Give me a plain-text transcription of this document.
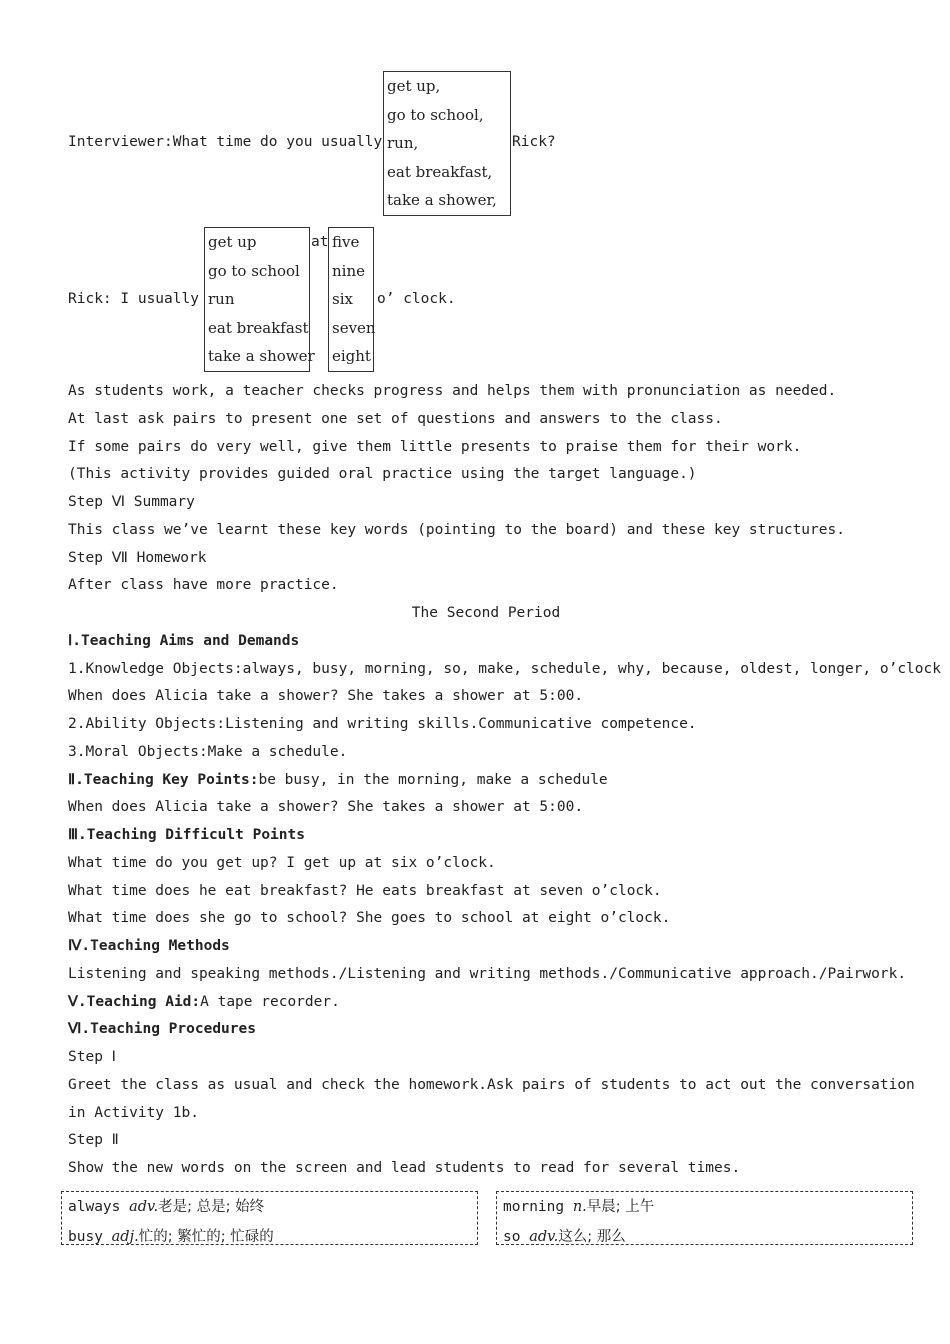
Interviewer:What time do you usually
get up,
go to school,
run,
eat breakfast,
take a shower,
Rick?
Rick: I usually
get up
go to school
run
eat breakfast
take a shower
at five
nine
six
seven
eight
o’ clock.
As students work, a teacher checks progress and helps them with pronunciation as needed.
At last ask pairs to present one set of questions and answers to the class.
If some pairs do very well, give them little presents to praise them for their work.
(This activity provides guided oral practice using the target language.)
Step Ⅵ Summary
This class we’ve learnt these key words (pointing to the board) and these key structures.
Step Ⅶ Homework
After class have more practice.
The Second Period
Ⅰ.Teaching Aims and Demands
1.Knowledge Objects:always, busy, morning, so, make, schedule, why, because, oldest, longer, o’clock
When does Alicia take a shower? She takes a shower at 5:00.
2.Ability Objects:Listening and writing skills.Communicative competence.
3.Moral Objects:Make a schedule.
Ⅱ.Teaching Key Points:be busy, in the morning, make a schedule
When does Alicia take a shower? She takes a shower at 5:00.
Ⅲ.Teaching Difficult Points
What time do you get up? I get up at six o’clock.
What time does he eat breakfast? He eats breakfast at seven o’clock.
What time does she go to school? She goes to school at eight o’clock.
Ⅳ.Teaching Methods
Listening and speaking methods./Listening and writing methods./Communicative approach./Pairwork.
Ⅴ.Teaching Aid:A tape recorder.
Ⅵ.Teaching Procedures
Step Ⅰ
Greet the class as usual and check the homework.Ask pairs of students to act out the conversation
in Activity 1b.
Step Ⅱ
Show the new words on the screen and lead students to read for several times.
always adv.老是; 总是; 始终
busy adj.忙的; 繁忙的; 忙碌的
morning n.早晨; 上午
so adv.这么; 那么
